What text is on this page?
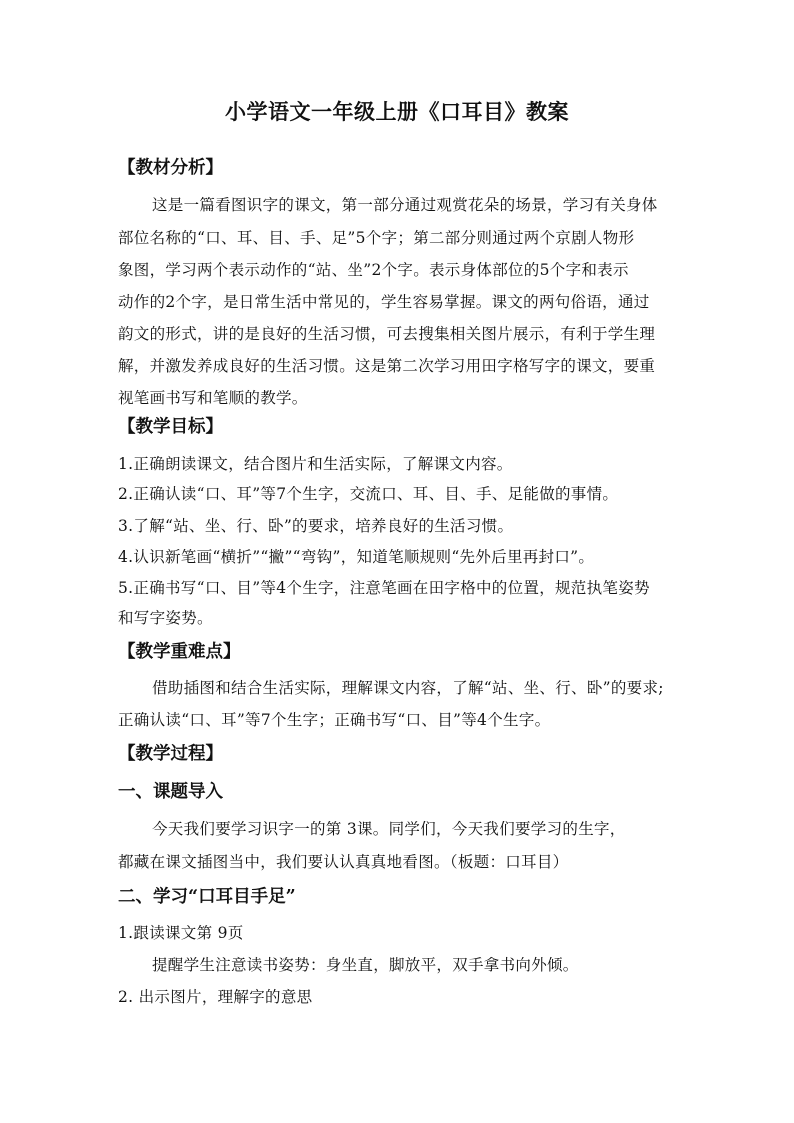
小学语文一年级上册《口耳目》教案
【教材分析】
这是一篇看图识字的课文，第一部分通过观赏花朵的场景，学习有关身体
部位名称的“口、耳、目、手、足”5个字；第二部分则通过两个京剧人物形
象图，学习两个表示动作的“站、坐”2个字。表示身体部位的5个字和表示
动作的2个字，是日常生活中常见的，学生容易掌握。课文的两句俗语，通过
韵文的形式，讲的是良好的生活习惯，可去搜集相关图片展示，有利于学生理
解，并激发养成良好的生活习惯。这是第二次学习用田字格写字的课文，要重
视笔画书写和笔顺的教学。
【教学目标】
1.正确朗读课文，结合图片和生活实际，了解课文内容。
2.正确认读“口、耳”等7个生字，交流口、耳、目、手、足能做的事情。
3.了解“站、坐、行、卧”的要求，培养良好的生活习惯。
4.认识新笔画“横折”“撇”“弯钩”，知道笔顺规则“先外后里再封口”。
5.正确书写“口、目”等4个生字，注意笔画在田字格中的位置，规范执笔姿势
和写字姿势。
【教学重难点】
借助插图和结合生活实际，理解课文内容，了解“站、坐、行、卧”的要求;
正确认读“口、耳”等7个生字；正确书写“口、目”等4个生字。
【教学过程】
一、课题导入
今天我们要学习识字一的第 3课。同学们，今天我们要学习的生字，
都藏在课文插图当中，我们要认认真真地看图。（板题：口耳目）
二、学习“口耳目手足”
1.跟读课文第 9页
提醒学生注意读书姿势：身坐直，脚放平，双手拿书向外倾。
2. 出示图片，理解字的意思
